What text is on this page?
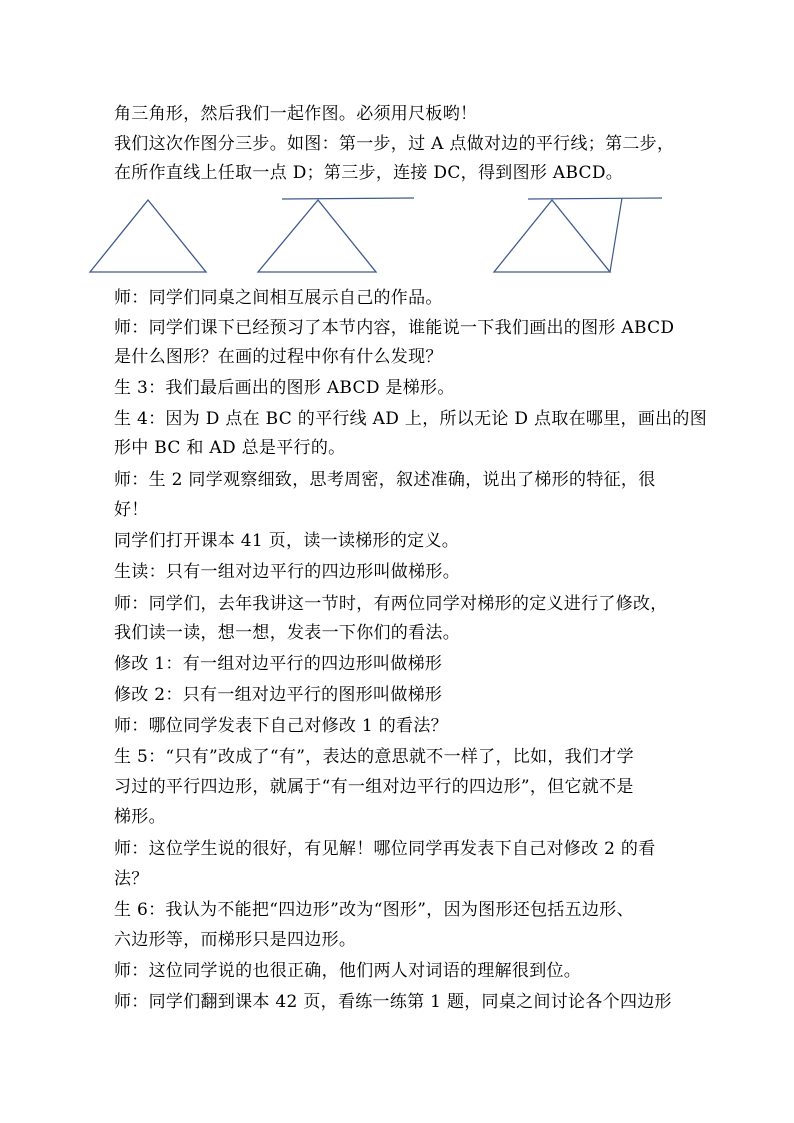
角三角形，然后我们一起作图。必须用尺板哟！
我们这次作图分三步。如图：第一步，过 A 点做对边的平行线；第二步，
在所作直线上任取一点 D；第三步，连接 DC，得到图形 ABCD。
师：同学们同桌之间相互展示自己的作品。
师：同学们课下已经预习了本节内容，谁能说一下我们画出的图形 ABCD
是什么图形？在画的过程中你有什么发现？
生 3：我们最后画出的图形 ABCD 是梯形。
生 4：因为 D 点在 BC 的平行线 AD 上，所以无论 D 点取在哪里，画出的图
形中 BC 和 AD 总是平行的。
师：生 2 同学观察细致，思考周密，叙述准确，说出了梯形的特征，很
好！
同学们打开课本 41 页，读一读梯形的定义。
生读：只有一组对边平行的四边形叫做梯形。
师：同学们，去年我讲这一节时，有两位同学对梯形的定义进行了修改，
我们读一读，想一想，发表一下你们的看法。
修改 1：有一组对边平行的四边形叫做梯形
修改 2：只有一组对边平行的图形叫做梯形
师：哪位同学发表下自己对修改 1 的看法？
生 5：“只有”改成了“有”，表达的意思就不一样了，比如，我们才学
习过的平行四边形，就属于“有一组对边平行的四边形”，但它就不是
梯形。
师：这位学生说的很好，有见解！哪位同学再发表下自己对修改 2 的看
法？
生 6：我认为不能把“四边形”改为“图形”，因为图形还包括五边形、
六边形等，而梯形只是四边形。
师：这位同学说的也很正确，他们两人对词语的理解很到位。
师：同学们翻到课本 42 页，看练一练第 1 题，同桌之间讨论各个四边形
